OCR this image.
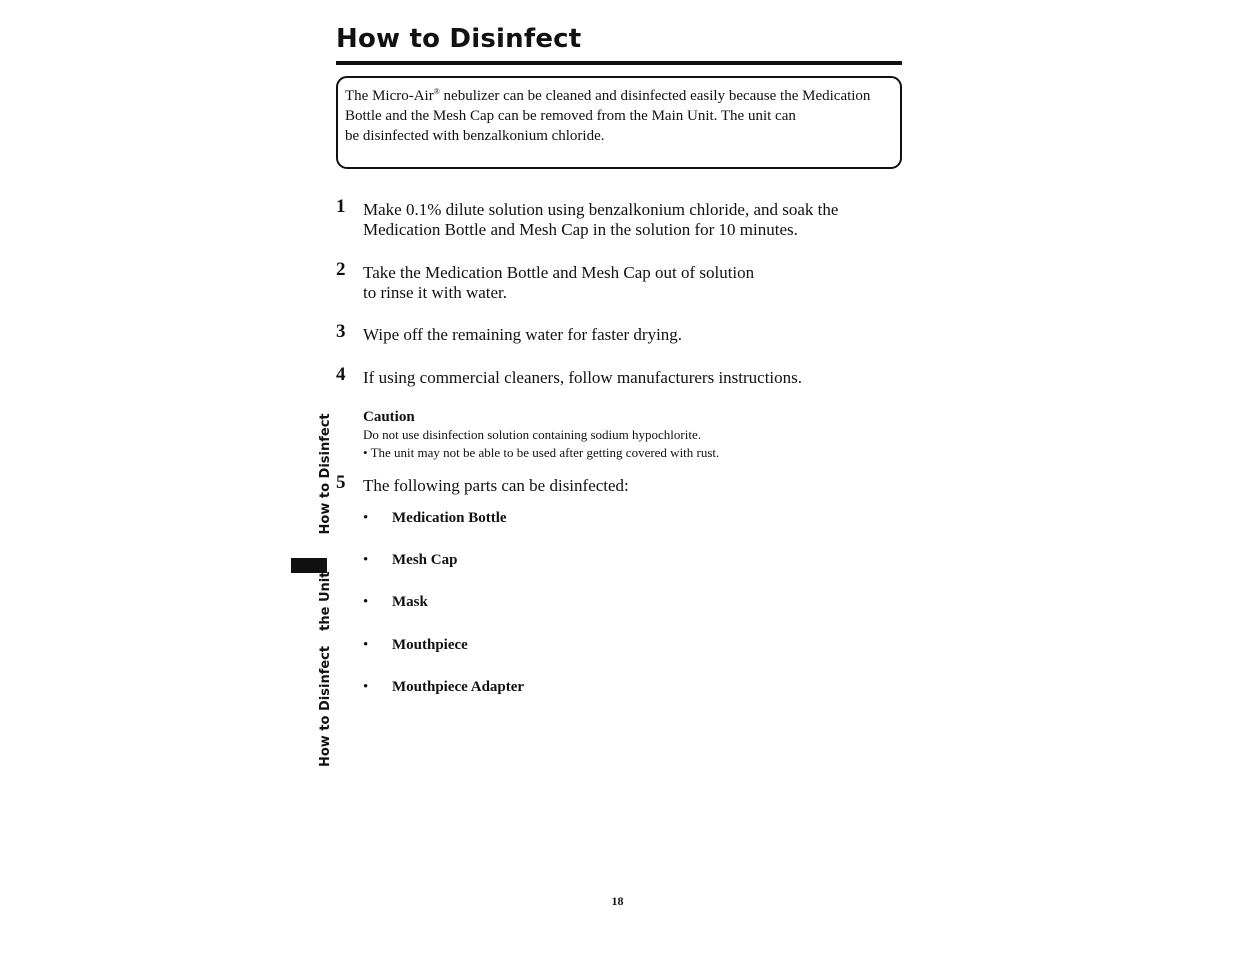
How to Disinfect
The Micro-Air® nebulizer can be cleaned and disinfected easily because the Medication
Bottle and the Mesh Cap can be removed from the Main Unit. The unit can
be disinfected with benzalkonium chloride.
1 Make 0.1% dilute solution using benzalkonium chloride, and soak the
Medication Bottle and Mesh Cap in the solution for 10 minutes.
2 Take the Medication Bottle and Mesh Cap out of solution
to rinse it with water.
3 Wipe off the remaining water for faster drying.
4 If using commercial cleaners, follow manufacturers instructions.
Caution
Do not use disinfection solution containing sodium hypochlorite.
• The unit may not be able to be used after getting covered with rust.
5 The following parts can be disinfected:
• Medication Bottle
• Mesh Cap
• Mask
• Mouthpiece
• Mouthpiece Adapter
How to Disinfect  the Unit  How to Disinfect
18
